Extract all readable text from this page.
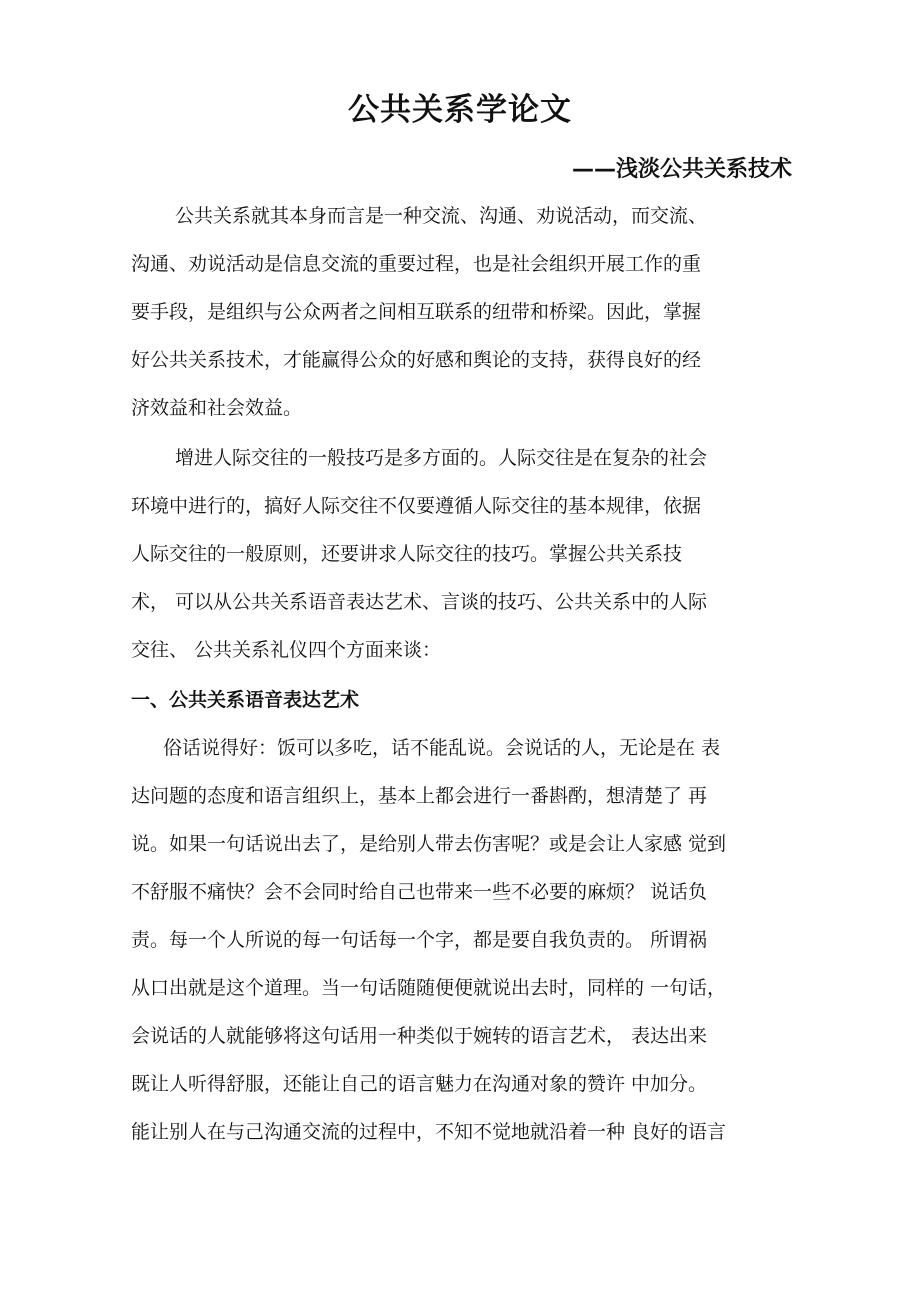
公共关系学论文
——浅淡公共关系技术
公共关系就其本身而言是一种交流、沟通、劝说活动，而交流、
沟通、劝说活动是信息交流的重要过程，也是社会组织开展工作的重
要手段，是组织与公众两者之间相互联系的纽带和桥梁。因此，掌握
好公共关系技术，才能赢得公众的好感和舆论的支持，获得良好的经
济效益和社会效益。
增进人际交往的一般技巧是多方面的。人际交往是在复杂的社会
环境中进行的，搞好人际交往不仅要遵循人际交往的基本规律，依据
人际交往的一般原则，还要讲求人际交往的技巧。掌握公共关系技
术， 可以从公共关系语音表达艺术、言谈的技巧、公共关系中的人际
交往、 公共关系礼仪四个方面来谈：
一、公共关系语音表达艺术
俗话说得好：饭可以多吃，话不能乱说。会说话的人，无论是在 表
达问题的态度和语言组织上，基本上都会进行一番斟酌，想清楚了 再
说。如果一句话说出去了，是给别人带去伤害呢？或是会让人家感 觉到
不舒服不痛快？会不会同时给自己也带来一些不必要的麻烦？ 说话负
责。每一个人所说的每一句话每一个字，都是要自我负责的。 所谓祸
从口出就是这个道理。当一句话随随便便就说出去时，同样的 一句话，
会说话的人就能够将这句话用一种类似于婉转的语言艺术， 表达出来
既让人听得舒服，还能让自己的语言魅力在沟通对象的赞许 中加分。
能让别人在与己沟通交流的过程中，不知不觉地就沿着一种 良好的语言
